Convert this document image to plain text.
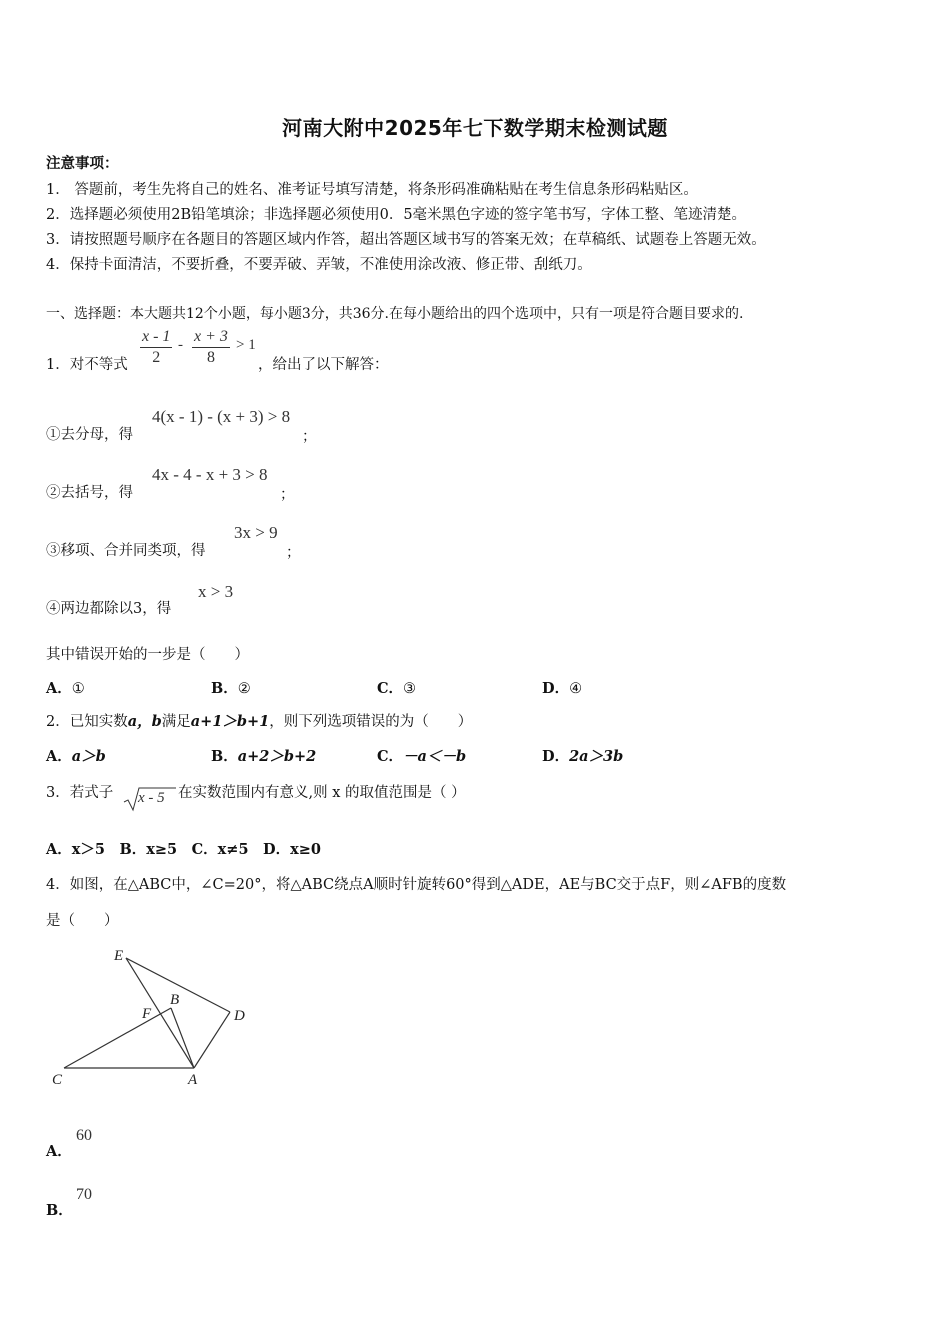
河南大附中2025年七下数学期末检测试题
注意事项：
1． 答题前，考生先将自己的姓名、准考证号填写清楚，将条形码准确粘贴在考生信息条形码粘贴区。
2．选择题必须使用2B铅笔填涂；非选择题必须使用0．5毫米黑色字迹的签字笔书写，字体工整、笔迹清楚。
3．请按照题号顺序在各题目的答题区域内作答，超出答题区域书写的答案无效；在草稿纸、试题卷上答题无效。
4．保持卡面清洁，不要折叠，不要弄破、弄皱，不准使用涂改液、修正带、刮纸刀。
一、选择题：本大题共12个小题，每小题3分，共36分.在每小题给出的四个选项中，只有一项是符合题目要求的.
1．对不等式 $\frac{x - 1}{2} - \frac{x + 3}{8} > 1$
，给出了以下解答：
①去分母，得
4(x - 1) - (x + 3) > 8
；
②去括号，得
4x - 4 - x + 3 > 8
；
③移项、合并同类项，得
3x > 9
；
④两边都除以3，得
x > 3
其中错误开始的一步是（　　）
A．①	B．②	C．③	D．④
2．已知实数a，b满足a+1＞b+1，则下列选项错误的为（　　）
A．a＞b	B．a+2＞b+2	C．－a＜－b	D．2a＞3b
3．若式子 x - 5 在实数范围内有意义,则 x 的取值范围是（ ）
A．x＞5　B．x≥5　C．x≠5　D．x≥0
4．如图，在△ABC中，∠C=20°，将△ABC绕点A顺时针旋转60°得到△ADE，AE与BC交于点F，则∠AFB的度数
是（　　）
E
B
F	D
C	A
A．
60
B．
70
